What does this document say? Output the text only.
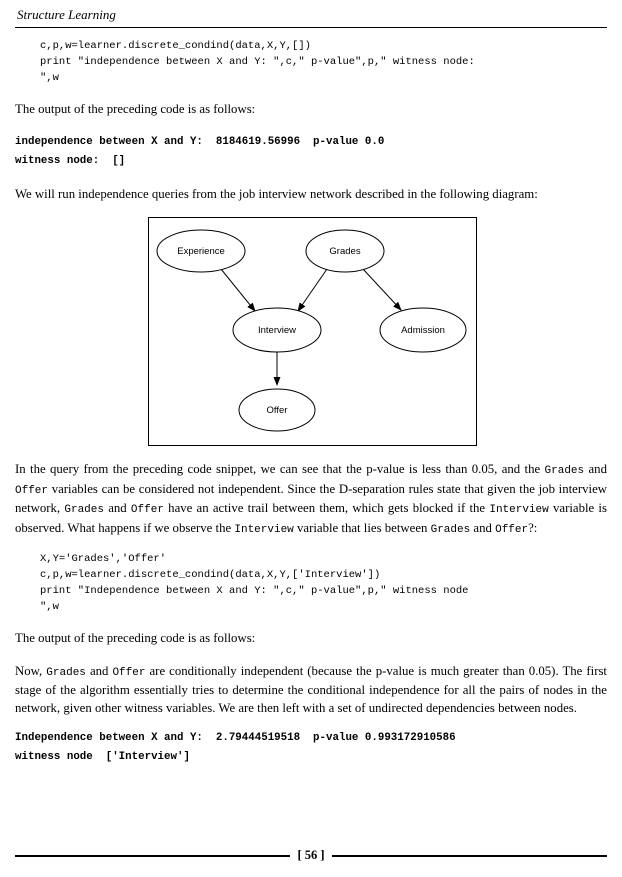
Structure Learning
c,p,w=learner.discrete_condind(data,X,Y,[])
print "independence between X and Y: ",c," p-value",p," witness node:
",w

The output of the preceding code is as follows:

independence between X and Y:  8184619.56996  p-value 0.0
witness node:  []

We will run independence queries from the job interview network described in the following diagram:

Experience	Grades
Interview	Admission
Offer

In the query from the preceding code snippet, we can see that the p-value is less than 0.05, and the Grades and Offer variables can be considered not independent. Since the D-separation rules state that given the job interview network, Grades and Offer have an active trail between them, which gets blocked if the Interview variable is observed. What happens if we observe the Interview variable that lies between Grades and Offer?:

X,Y='Grades','Offer'
c,p,w=learner.discrete_condind(data,X,Y,['Interview'])
print "Independence between X and Y: ",c," p-value",p," witness node
",w

The output of the preceding code is as follows:

Now, Grades and Offer are conditionally independent (because the p-value is much greater than 0.05). The first stage of the algorithm essentially tries to determine the conditional independence for all the pairs of nodes in the network, given other witness variables. We are then left with a set of undirected dependencies between nodes.

Independence between X and Y:  2.79444519518  p-value 0.993172910586
witness node  ['Interview']
[ 56 ]
